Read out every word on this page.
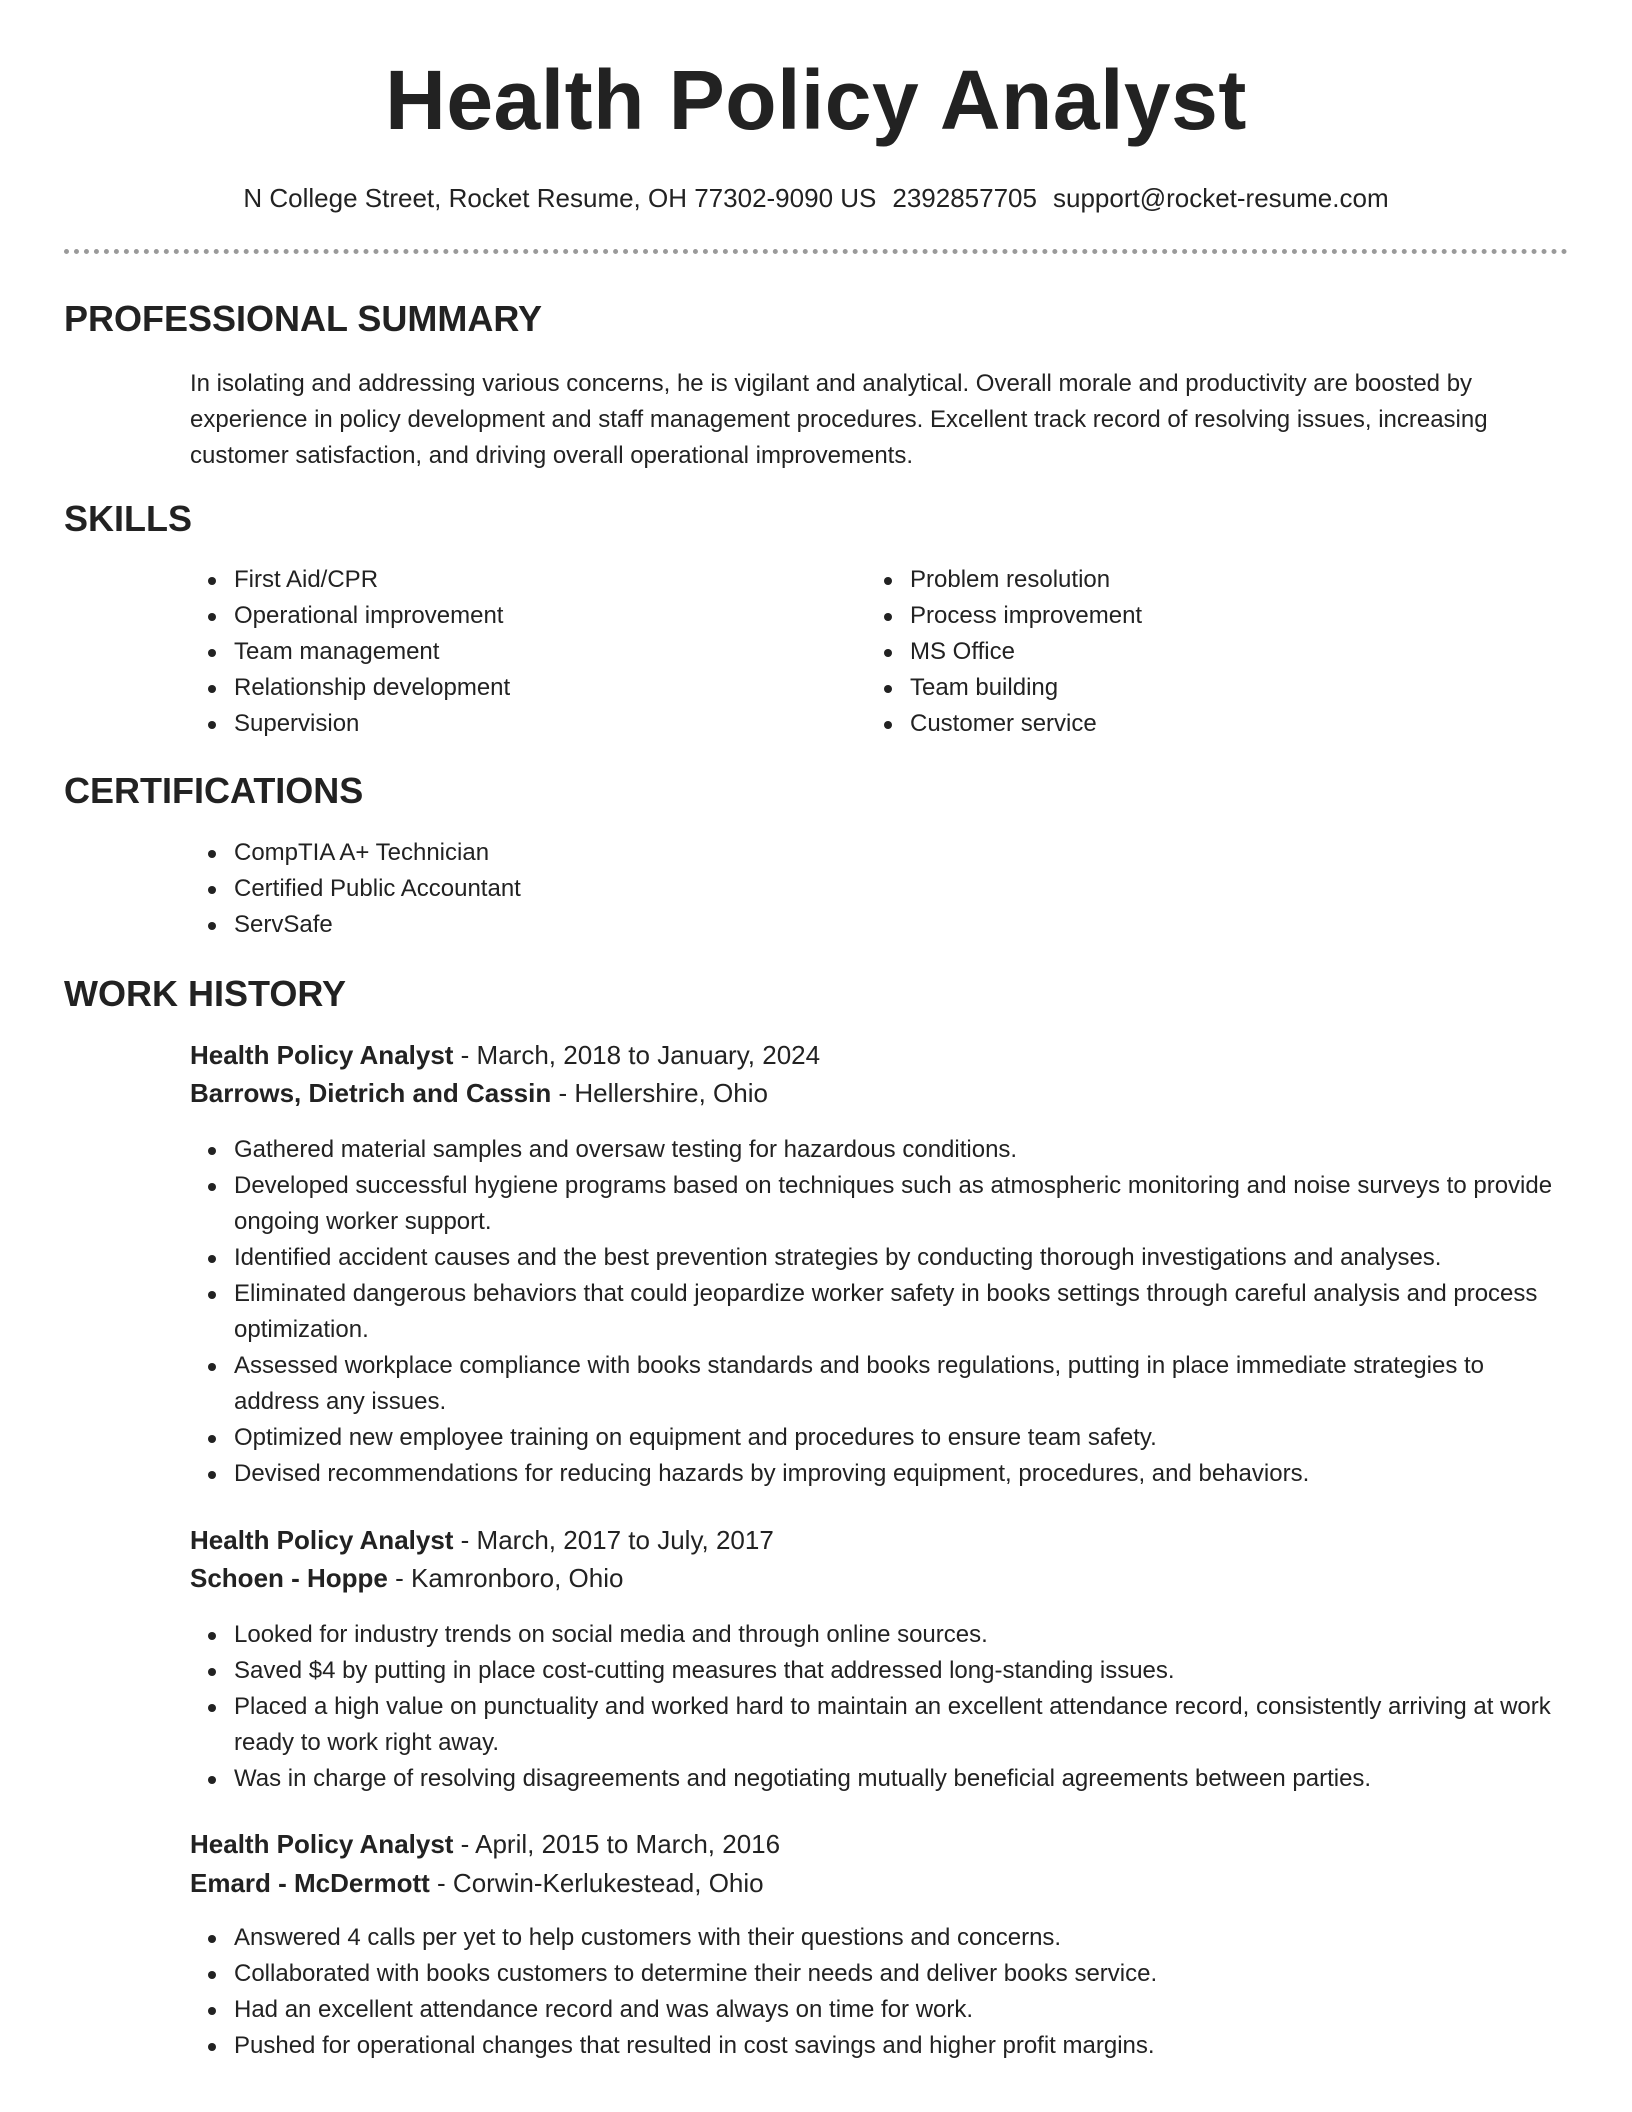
Health Policy Analyst
N College Street, Rocket Resume, OH 77302-9090 US 2392857705 support@rocket-resume.com
PROFESSIONAL SUMMARY
In isolating and addressing various concerns, he is vigilant and analytical. Overall morale and productivity are boosted by experience in policy development and staff management procedures. Excellent track record of resolving issues, increasing customer satisfaction, and driving overall operational improvements.
SKILLS
First Aid/CPR
Operational improvement
Team management
Relationship development
Supervision
Problem resolution
Process improvement
MS Office
Team building
Customer service
CERTIFICATIONS
CompTIA A+ Technician
Certified Public Accountant
ServSafe
WORK HISTORY
Health Policy Analyst - March, 2018 to January, 2024
Barrows, Dietrich and Cassin - Hellershire, Ohio
Gathered material samples and oversaw testing for hazardous conditions.
Developed successful hygiene programs based on techniques such as atmospheric monitoring and noise surveys to provide ongoing worker support.
Identified accident causes and the best prevention strategies by conducting thorough investigations and analyses.
Eliminated dangerous behaviors that could jeopardize worker safety in books settings through careful analysis and process optimization.
Assessed workplace compliance with books standards and books regulations, putting in place immediate strategies to address any issues.
Optimized new employee training on equipment and procedures to ensure team safety.
Devised recommendations for reducing hazards by improving equipment, procedures, and behaviors.
Health Policy Analyst - March, 2017 to July, 2017
Schoen - Hoppe - Kamronboro, Ohio
Looked for industry trends on social media and through online sources.
Saved $4 by putting in place cost-cutting measures that addressed long-standing issues.
Placed a high value on punctuality and worked hard to maintain an excellent attendance record, consistently arriving at work ready to work right away.
Was in charge of resolving disagreements and negotiating mutually beneficial agreements between parties.
Health Policy Analyst - April, 2015 to March, 2016
Emard - McDermott - Corwin-Kerlukestead, Ohio
Answered 4 calls per yet to help customers with their questions and concerns.
Collaborated with books customers to determine their needs and deliver books service.
Had an excellent attendance record and was always on time for work.
Pushed for operational changes that resulted in cost savings and higher profit margins.
